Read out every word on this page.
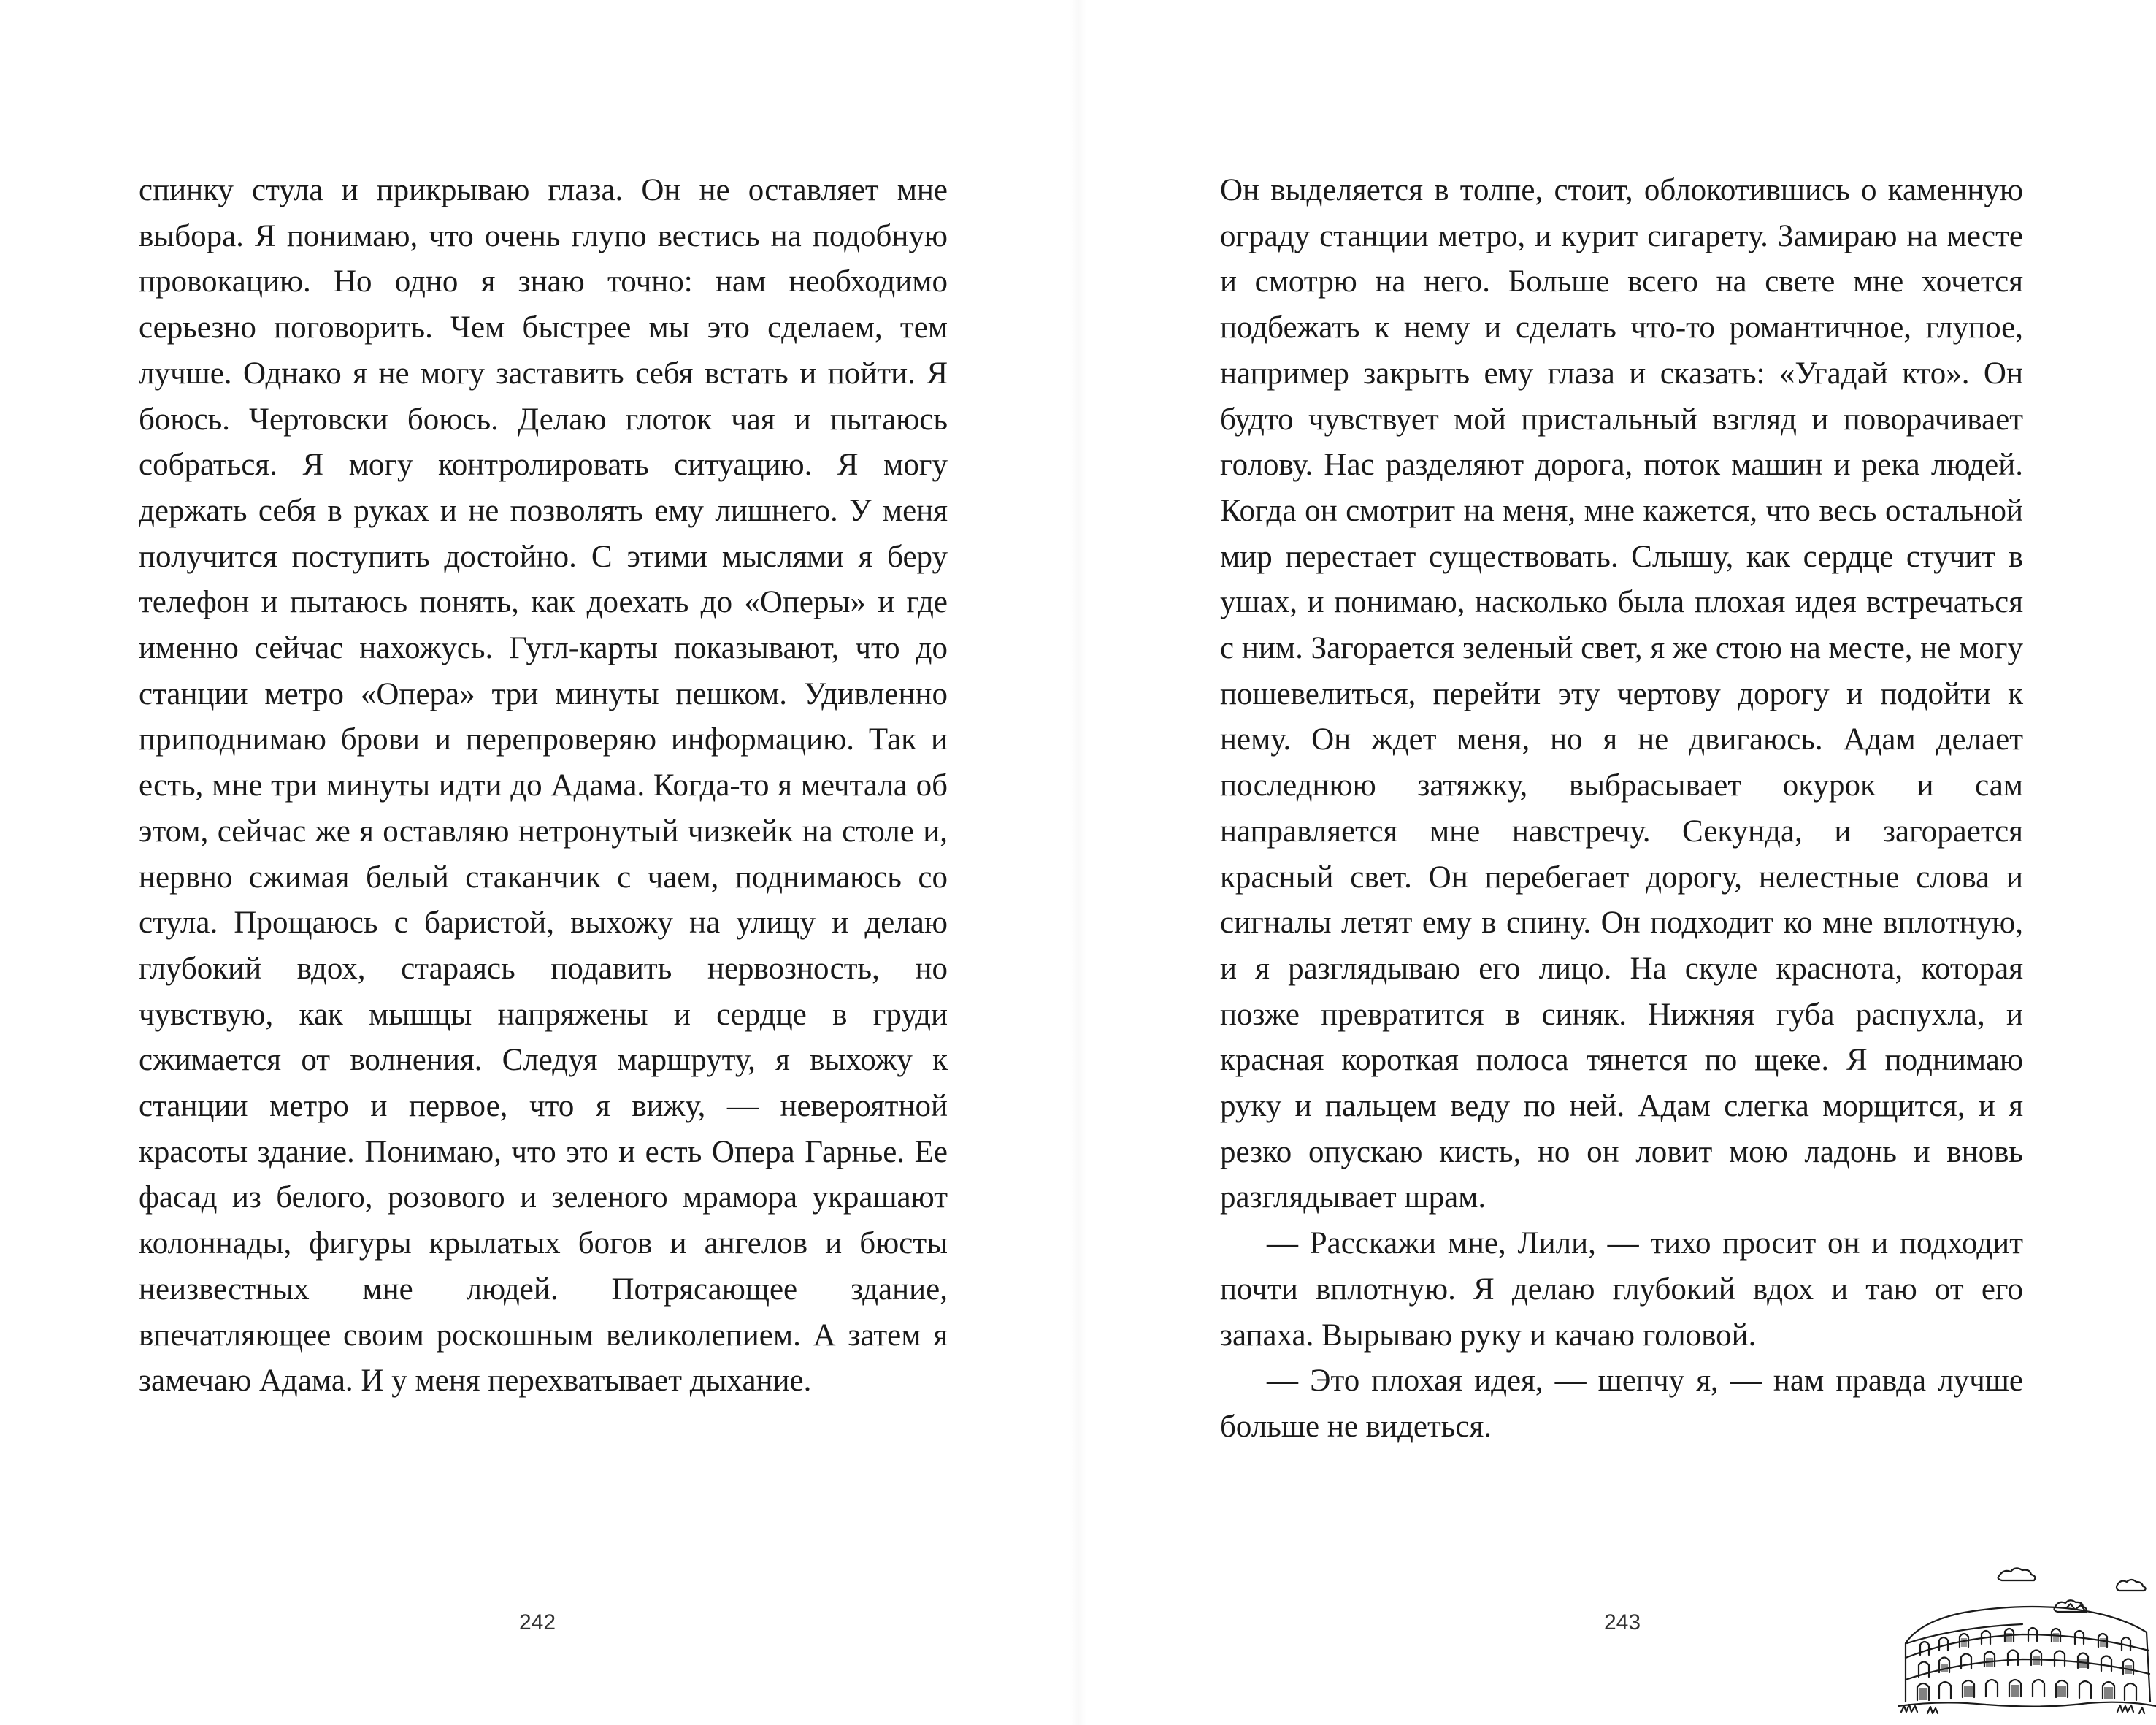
спинку стула и прикрываю глаза. Он не оставляет мне выбора. Я понимаю, что очень глупо вестись на подобную провокацию. Но одно я знаю точно: нам необходимо серьезно поговорить. Чем быстрее мы это сделаем, тем лучше. Однако я не могу заставить себя встать и пойти. Я боюсь. Чертовски боюсь. Делаю глоток чая и пытаюсь собраться. Я могу контролировать ситуацию. Я могу держать себя в руках и не позволять ему лишнего. У меня получится поступить достойно. С этими мыслями я беру телефон и пытаюсь понять, как доехать до «Оперы» и где именно сейчас нахожусь. Гугл-карты показывают, что до станции метро «Опера» три минуты пешком. Удивленно приподнимаю брови и перепроверяю информацию. Так и есть, мне три минуты идти до Адама. Когда-то я мечтала об этом, сейчас же я оставляю нетронутый чизкейк на столе и, нервно сжимая белый стаканчик с чаем, поднимаюсь со стула. Прощаюсь с баристой, выхожу на улицу и делаю глубокий вдох, стараясь подавить нервозность, но чувствую, как мышцы напряжены и сердце в груди сжимается от волнения. Следуя маршруту, я выхожу к станции метро и первое, что я вижу, — невероятной красоты здание. Понимаю, что это и есть Опера Гарнье. Ее фасад из белого, розового и зеленого мрамора украшают колоннады, фигуры крылатых богов и ангелов и бюсты неизвестных мне людей. Потрясающее здание, впечатляющее своим роскошным великолепием. А затем я замечаю Адама. И у меня перехватывает дыхание.

242

Он выделяется в толпе, стоит, облокотившись о каменную ограду станции метро, и курит сигарету. Замираю на месте и смотрю на него. Больше всего на свете мне хочется подбежать к нему и сделать что-то романтичное, глупое, например закрыть ему глаза и сказать: «Угадай кто». Он будто чувствует мой пристальный взгляд и поворачивает голову. Нас разделяют дорога, поток машин и река людей. Когда он смотрит на меня, мне кажется, что весь остальной мир перестает существовать. Слышу, как сердце стучит в ушах, и понимаю, насколько была плохая идея встречаться с ним. Загорается зеленый свет, я же стою на месте, не могу пошевелиться, перейти эту чертову дорогу и подойти к нему. Он ждет меня, но я не двигаюсь. Адам делает последнюю затяжку, выбрасывает окурок и сам направляется мне навстречу. Секунда, и загорается красный свет. Он перебегает дорогу, нелестные слова и сигналы летят ему в спину. Он подходит ко мне вплотную, и я разглядываю его лицо. На скуле краснота, которая позже превратится в синяк. Нижняя губа распухла, и красная короткая полоса тянется по щеке. Я поднимаю руку и пальцем веду по ней. Адам слегка морщится, и я резко опускаю кисть, но он ловит мою ладонь и вновь разглядывает шрам.

— Расскажи мне, Лили, — тихо просит он и подходит почти вплотную. Я делаю глубокий вдох и таю от его запаха. Вырываю руку и качаю головой.

— Это плохая идея, — шепчу я, — нам правда лучше больше не видеться.

243
